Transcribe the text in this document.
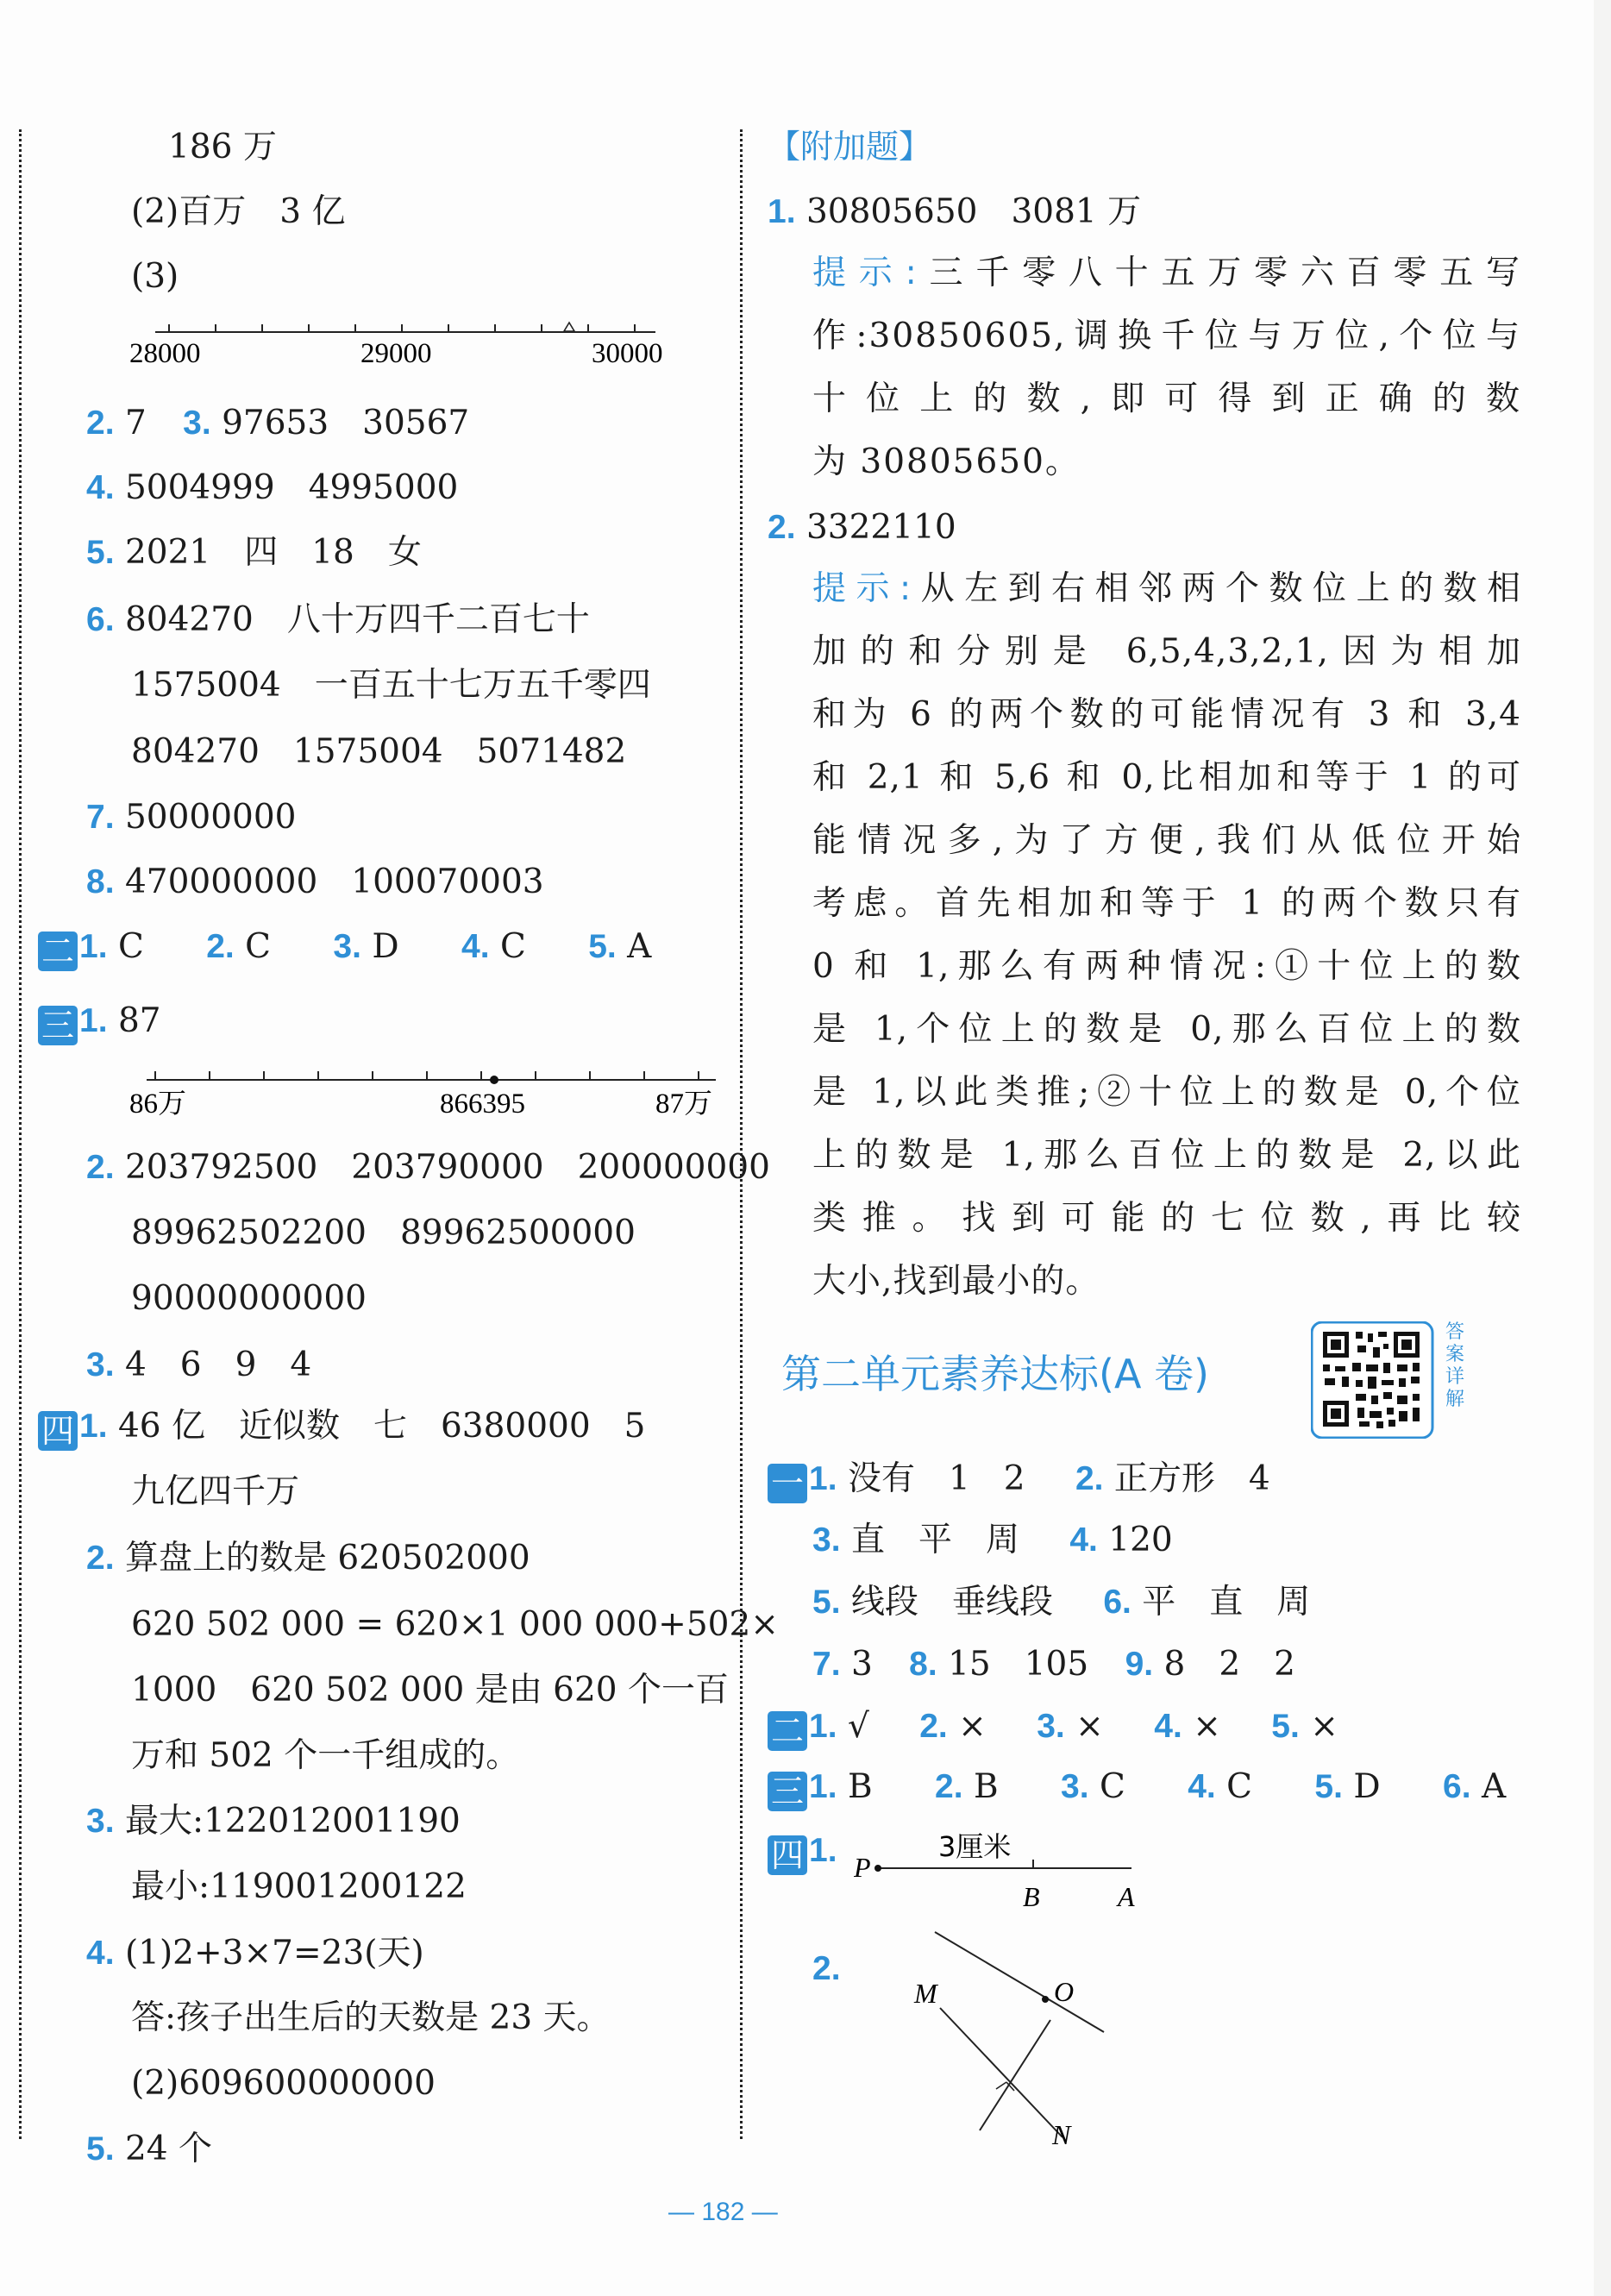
186 万
(2)百万　3 亿
(3)
28000	29000	30000
2. 7 3. 97653　30567
4. 5004999　4995000
5. 2021　四　18　女
6. 804270　八十万四千二百七十
1575004　一百五十七万五千零四
804270　1575004　5071482
7. 50000000
8. 470000000　100070003
二 1. C 2. C 3. D 4. C 5. A
三 1. 87
86万	866395	87万
2. 203792500　203790000　200000000
89962502200　89962500000
90000000000
3. 4　6　9　4
四 1. 46 亿　近似数　七　6380000　5
九亿四千万
2. 算盘上的数是 620502000
620 502 000 = 620×1 000 000+502×
1000　620 502 000 是由 620 个一百
万和 502 个一千组成的。
3. 最大:122012001190
最小:119001200122
4. (1)2+3×7=23(天)
答:孩子出生后的天数是 23 天。
(2)609600000000
5. 24 个
【附加题】
1. 30805650　3081 万
提示:三千零八十五万零六百零五写
作:30850605,调换千位与万位,个位与
十位上的数,即可得到正确的数
为 30805650。
2. 3322110
提示:从左到右相邻两个数位上的数相
加的和分别是 6,5,4,3,2,1,因为相加
和为 6 的两个数的可能情况有 3 和 3,4
和 2,1 和 5,6 和 0,比相加和等于 1 的可
能情况多,为了方便,我们从低位开始
考虑。首先相加和等于 1 的两个数只有
0 和 1,那么有两种情况:①十位上的数
是 1,个位上的数是 0,那么百位上的数
是 1,以此类推;②十位上的数是 0,个位
上的数是 1,那么百位上的数是 2,以此
类推。找到可能的七位数,再比较
大小,找到最小的。
第二单元素养达标(A 卷)
答案详解
一 1. 没有　1　2 2. 正方形　4
3. 直　平　周 4. 120
5. 线段　垂线段 6. 平　直　周
7. 3 8. 15　105 9. 8　2　2
二 1. √ 2. × 3. × 4. × 5. ×
三 1. B 2. B 3. C 4. C 5. D 6. A
四 1. P
3厘米
B	A
2.
M	O
N
— 182 —
